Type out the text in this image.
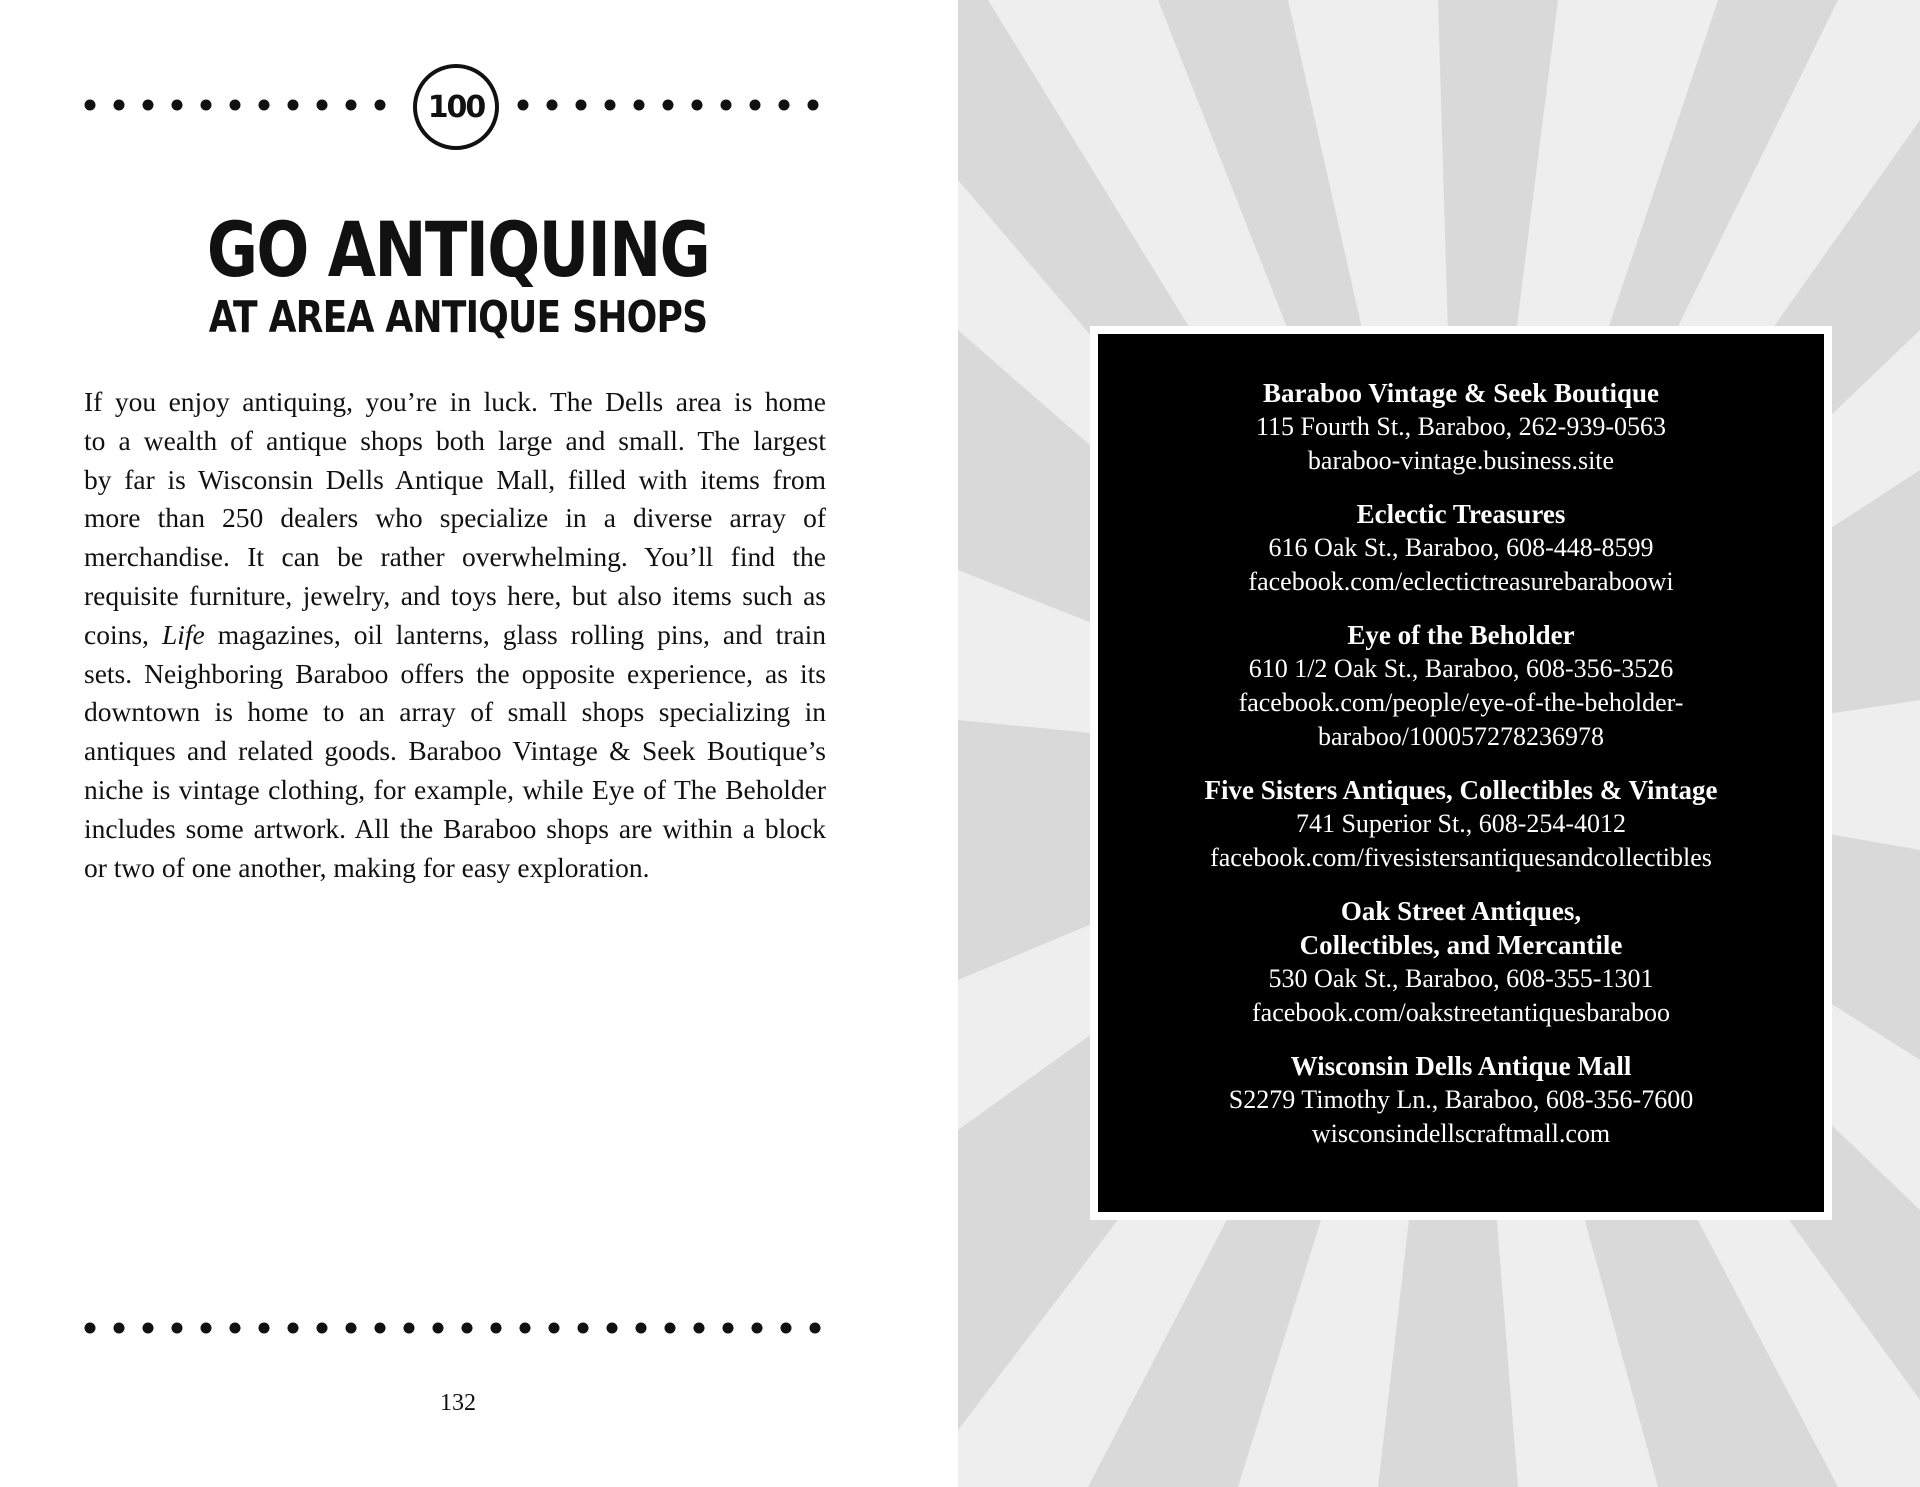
100
GO ANTIQUING
AT AREA ANTIQUE SHOPS
If you enjoy antiquing, you’re in luck. The Dells area is home
to a wealth of antique shops both large and small. The largest
by far is Wisconsin Dells Antique Mall, filled with items from
more than 250 dealers who specialize in a diverse array of
merchandise. It can be rather overwhelming. You’ll find the
requisite furniture, jewelry, and toys here, but also items such as
coins, Life magazines, oil lanterns, glass rolling pins, and train
sets. Neighboring Baraboo offers the opposite experience, as its
downtown is home to an array of small shops specializing in
antiques and related goods. Baraboo Vintage & Seek Boutique’s
niche is vintage clothing, for example, while Eye of The Beholder
includes some artwork. All the Baraboo shops are within a block
or two of one another, making for easy exploration.
132
Baraboo Vintage & Seek Boutique
115 Fourth St., Baraboo, 262-939-0563
baraboo-vintage.business.site
Eclectic Treasures
616 Oak St., Baraboo, 608-448-8599
facebook.com/eclectictreasurebaraboowi
Eye of the Beholder
610 1/2 Oak St., Baraboo, 608-356-3526
facebook.com/people/eye-of-the-beholder-
baraboo/100057278236978
Five Sisters Antiques, Collectibles & Vintage
741 Superior St., 608-254-4012
facebook.com/fivesistersantiquesandcollectibles
Oak Street Antiques,
Collectibles, and Mercantile
530 Oak St., Baraboo, 608-355-1301
facebook.com/oakstreetantiquesbaraboo
Wisconsin Dells Antique Mall
S2279 Timothy Ln., Baraboo, 608-356-7600
wisconsindellscraftmall.com
